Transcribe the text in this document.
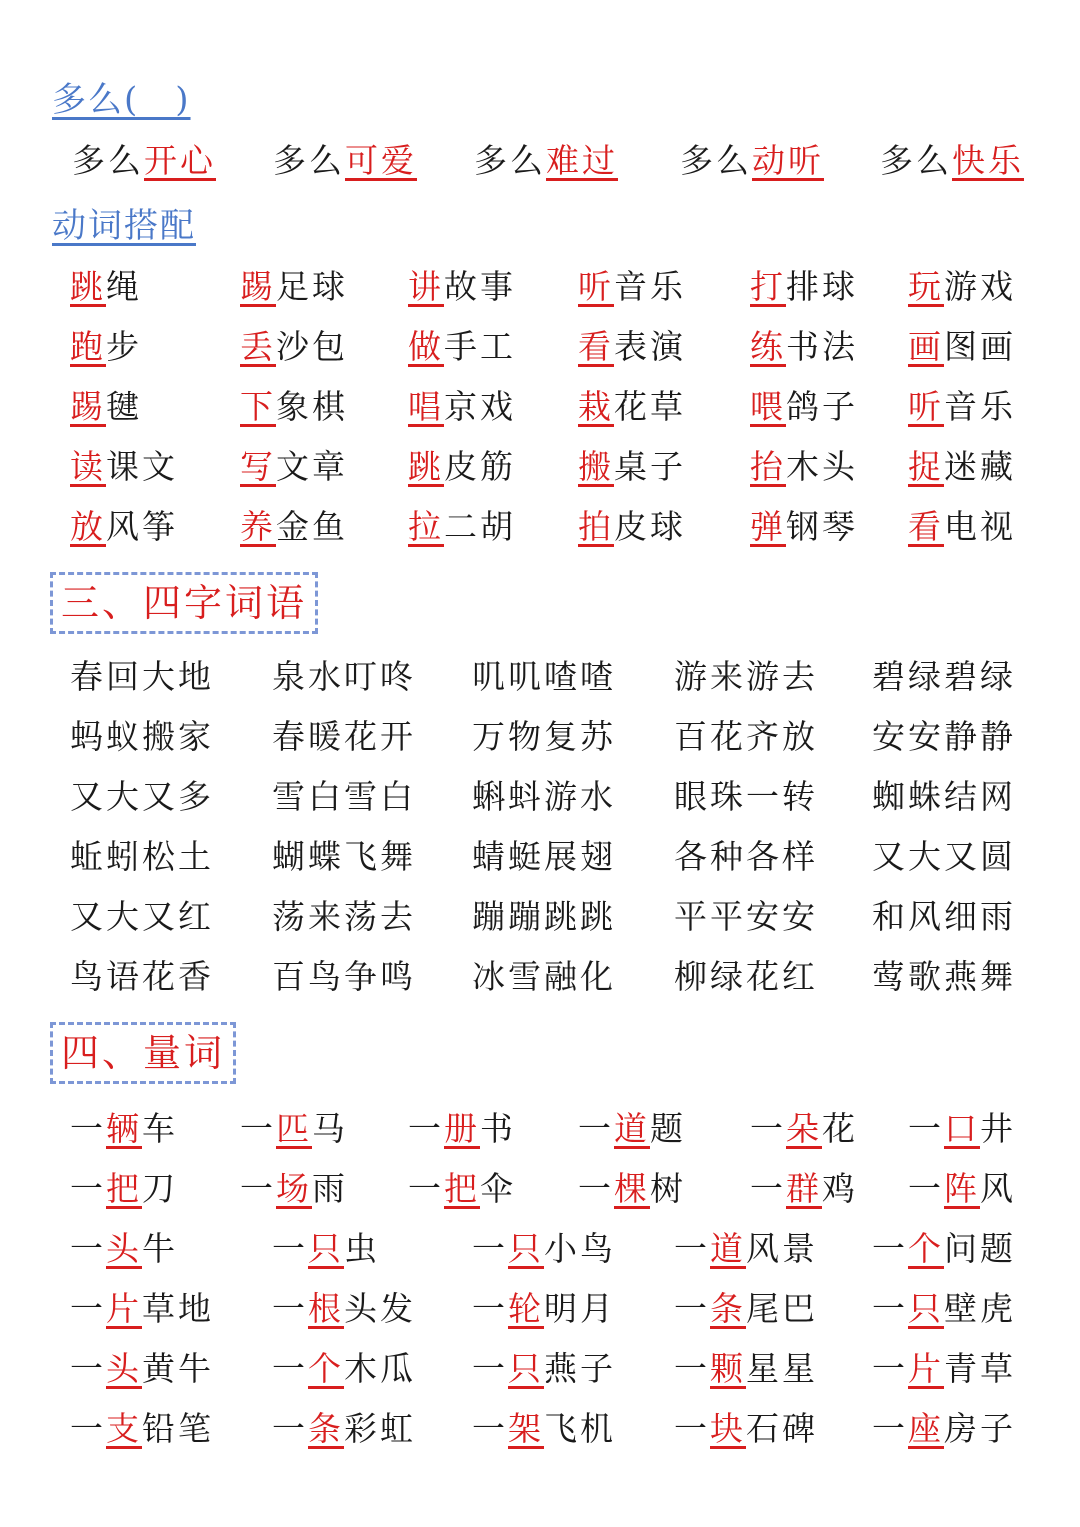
多么(　)
多么开心 多么可爱 多么难过 多么动听 多么快乐
动词搭配
跳绳	踢足球 讲故事 听音乐 打排球 玩游戏
跑步	丢沙包 做手工 看表演 练书法 画图画
踢毽	下象棋 唱京戏 栽花草 喂鸽子 听音乐
读课文 写文章 跳皮筋 搬桌子 抬木头 捉迷藏
放风筝 养金鱼 拉二胡 拍皮球 弹钢琴 看电视
三、四字词语
春回大地 泉水叮咚 叽叽喳喳 游来游去 碧绿碧绿
蚂蚁搬家 春暖花开 万物复苏 百花齐放 安安静静
又大又多 雪白雪白 蝌蚪游水 眼珠一转 蜘蛛结网
蚯蚓松土 蝴蝶飞舞 蜻蜓展翅 各种各样 又大又圆
又大又红 荡来荡去 蹦蹦跳跳 平平安安 和风细雨
鸟语花香 百鸟争鸣 冰雪融化 柳绿花红 莺歌燕舞
四、量词
一辆车 一匹马 一册书 一道题 一朵花 一口井
一把刀 一场雨 一把伞 一棵树 一群鸡 一阵风
一头牛	一只虫	一只小鸟 一道风景 一个问题
一片草地 一根头发 一轮明月 一条尾巴 一只壁虎
一头黄牛 一个木瓜 一只燕子 一颗星星 一片青草
一支铅笔 一条彩虹 一架飞机 一块石碑 一座房子
